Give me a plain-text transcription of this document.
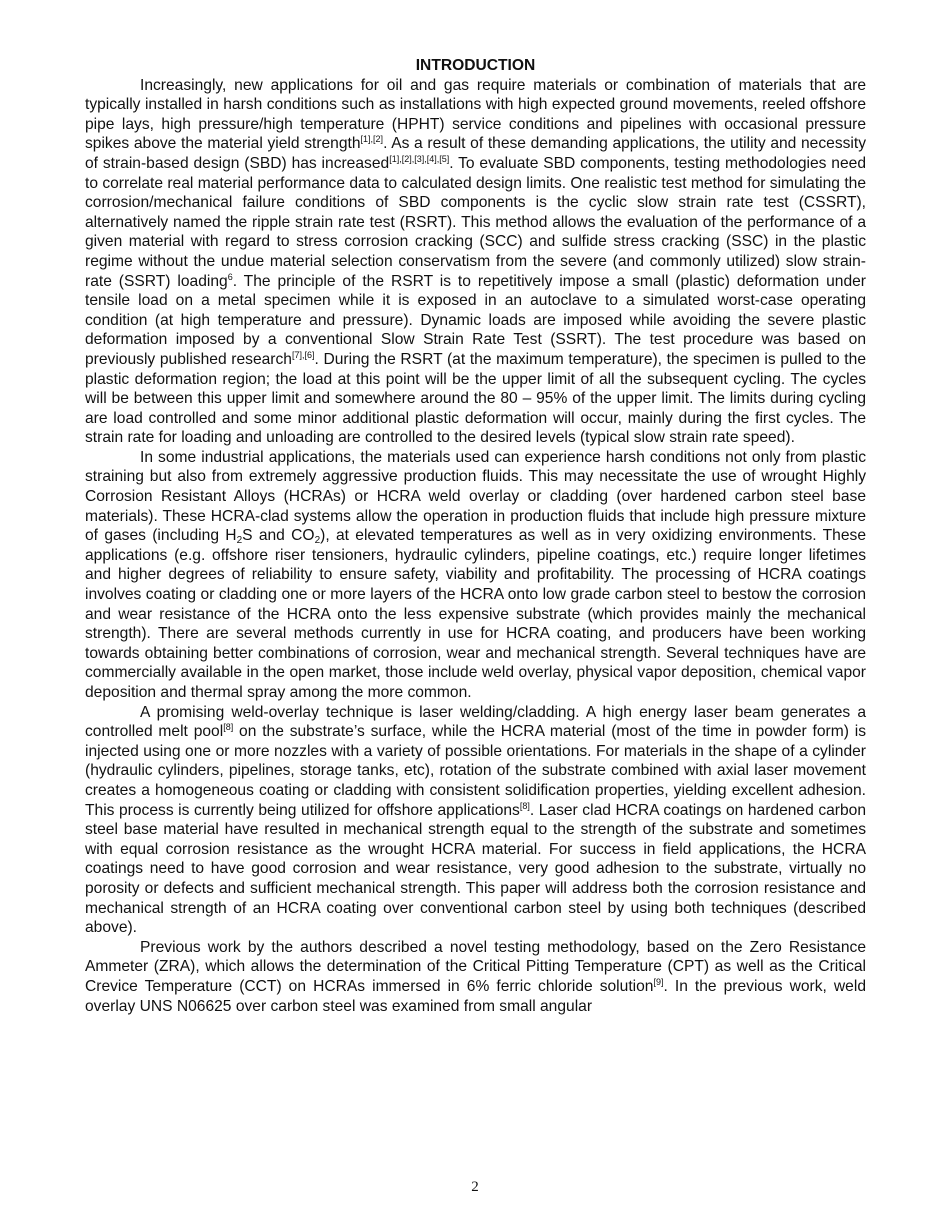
INTRODUCTION

Increasingly, new applications for oil and gas require materials or combination of materials that are typically installed in harsh conditions such as installations with high expected ground movements, reeled offshore pipe lays, high pressure/high temperature (HPHT) service conditions and pipelines with occasional pressure spikes above the material yield strength[1],[2]. As a result of these demanding applications, the utility and necessity of strain-based design (SBD) has increased[1],[2],[3],[4],[5]. To evaluate SBD components, testing methodologies need to correlate real material performance data to calculated design limits. One realistic test method for simulating the corrosion/mechanical failure conditions of SBD components is the cyclic slow strain rate test (CSSRT), alternatively named the ripple strain rate test (RSRT). This method allows the evaluation of the performance of a given material with regard to stress corrosion cracking (SCC) and sulfide stress cracking (SSC) in the plastic regime without the undue material selection conservatism from the severe (and commonly utilized) slow strain-rate (SSRT) loading$^6$. The principle of the RSRT is to repetitively impose a small (plastic) deformation under tensile load on a metal specimen while it is exposed in an autoclave to a simulated worst-case operating condition (at high temperature and pressure). Dynamic loads are imposed while avoiding the severe plastic deformation imposed by a conventional Slow Strain Rate Test (SSRT). The test procedure was based on previously published research[7],[6]. During the RSRT (at the maximum temperature), the specimen is pulled to the plastic deformation region; the load at this point will be the upper limit of all the subsequent cycling. The cycles will be between this upper limit and somewhere around the 80 – 95% of the upper limit. The limits during cycling are load controlled and some minor additional plastic deformation will occur, mainly during the first cycles. The strain rate for loading and unloading are controlled to the desired levels (typical slow strain rate speed).

In some industrial applications, the materials used can experience harsh conditions not only from plastic straining but also from extremely aggressive production fluids. This may necessitate the use of wrought Highly Corrosion Resistant Alloys (HCRAs) or HCRA weld overlay or cladding (over hardened carbon steel base materials). These HCRA-clad systems allow the operation in production fluids that include high pressure mixture of gases (including $H_2S$ and $CO_2$), at elevated temperatures as well as in very oxidizing environments. These applications (e.g. offshore riser tensioners, hydraulic cylinders, pipeline coatings, etc.) require longer lifetimes and higher degrees of reliability to ensure safety, viability and profitability. The processing of HCRA coatings involves coating or cladding one or more layers of the HCRA onto low grade carbon steel to bestow the corrosion and wear resistance of the HCRA onto the less expensive substrate (which provides mainly the mechanical strength). There are several methods currently in use for HCRA coating, and producers have been working towards obtaining better combinations of corrosion, wear and mechanical strength. Several techniques have are commercially available in the open market, those include weld overlay, physical vapor deposition, chemical vapor deposition and thermal spray among the more common.

A promising weld-overlay technique is laser welding/cladding. A high energy laser beam generates a controlled melt pool[8] on the substrate’s surface, while the HCRA material (most of the time in powder form) is injected using one or more nozzles with a variety of possible orientations. For materials in the shape of a cylinder (hydraulic cylinders, pipelines, storage tanks, etc), rotation of the substrate combined with axial laser movement creates a homogeneous coating or cladding with consistent solidification properties, yielding excellent adhesion. This process is currently being utilized for offshore applications[8]. Laser clad HCRA coatings on hardened carbon steel base material have resulted in mechanical strength equal to the strength of the substrate and sometimes with equal corrosion resistance as the wrought HCRA material. For success in field applications, the HCRA coatings need to have good corrosion and wear resistance, very good adhesion to the substrate, virtually no porosity or defects and sufficient mechanical strength. This paper will address both the corrosion resistance and mechanical strength of an HCRA coating over conventional carbon steel by using both techniques (described above).

Previous work by the authors described a novel testing methodology, based on the Zero Resistance Ammeter (ZRA), which allows the determination of the Critical Pitting Temperature (CPT) as well as the Critical Crevice Temperature (CCT) on HCRAs immersed in 6% ferric chloride solution[9]. In the previous work, weld overlay UNS N06625 over carbon steel was examined from small angular

2
